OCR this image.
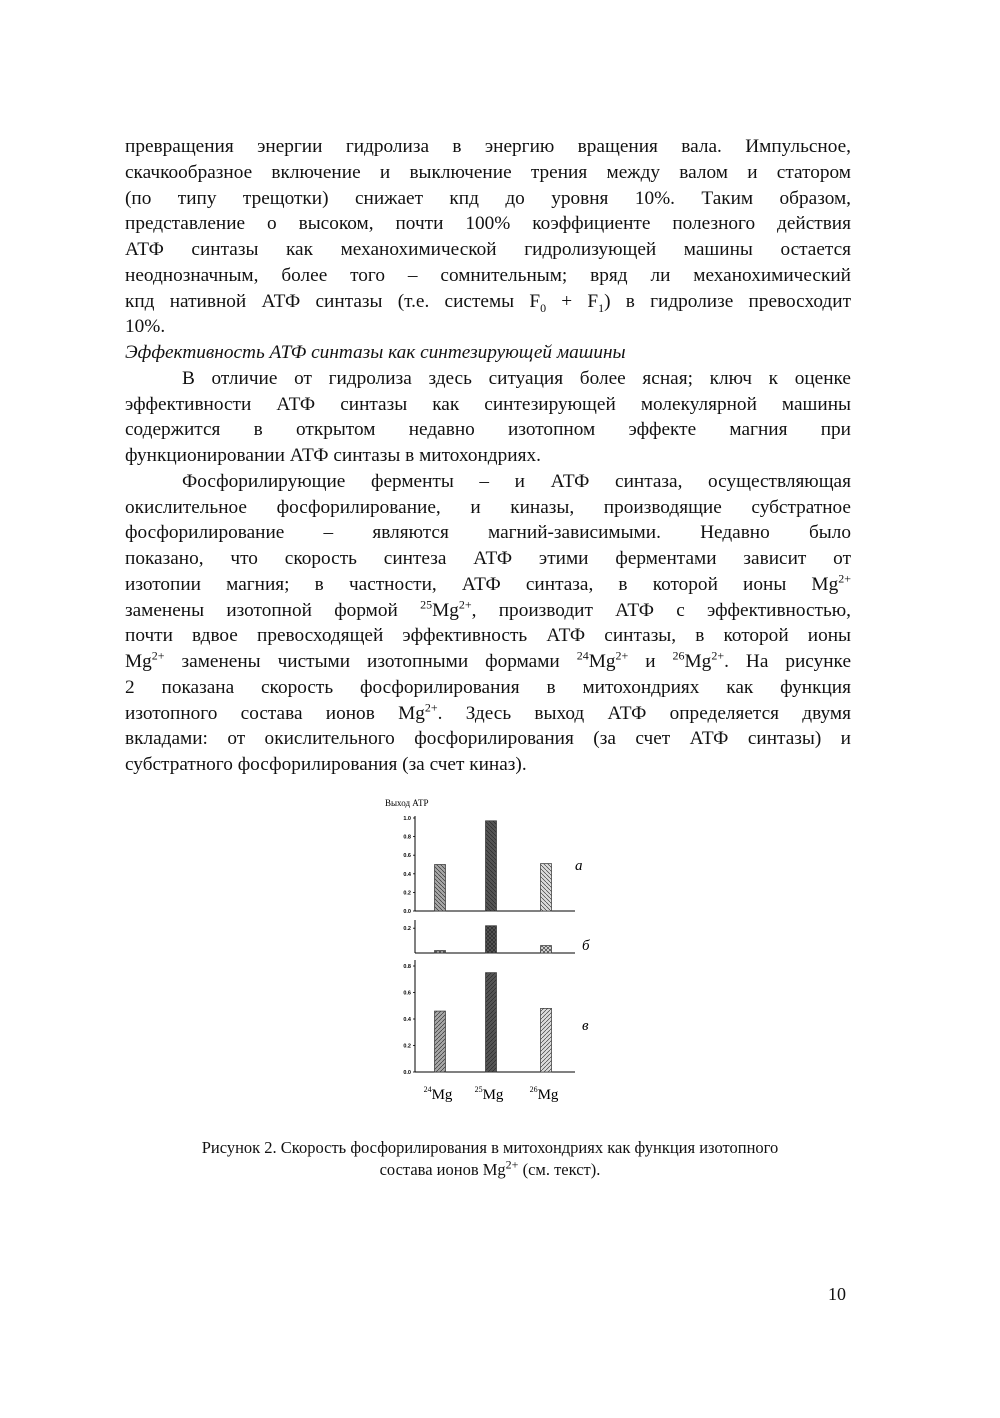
превращения энергии гидролиза в энергию вращения вала. Импульсное,
скачкообразное включение и выключение трения между валом и статором
(по типу трещотки) снижает кпд до уровня 10%. Таким образом,
представление о высоком, почти 100% коэффициенте полезного действия
АТФ синтазы как механохимической гидролизующей машины остается
неоднозначным, более того – сомнительным; вряд ли механохимический
кпд нативной АТФ синтазы (т.е. системы $F_0 + F_1$) в гидролизе превосходит
10%.
Эффективность АТФ синтазы как синтезирующей машины
В отличие от гидролиза здесь ситуация более ясная; ключ к оценке
эффективности АТФ синтазы как синтезирующей молекулярной машины
содержится в открытом недавно изотопном эффекте магния при
функционировании АТФ синтазы в митохондриях.
Фосфорилирующие ферменты – и АТФ синтаза, осуществляющая
окислительное фосфорилирование, и киназы, производящие субстратное
фосфорилирование – являются магний-зависимыми. Недавно было
показано, что скорость синтеза АТФ этими ферментами зависит от
изотопии магния; в частности, АТФ синтаза, в которой ионы $Mg^{2+}$
заменены изотопной формой $^{25}Mg^{2+}$, производит АТФ с эффективностью,
почти вдвое превосходящей эффективность АТФ синтазы, в которой ионы
$Mg^{2+}$ заменены чистыми изотопными формами $^{24}Mg^{2+}$ и $^{26}Mg^{2+}$. На рисунке
2 показана скорость фосфорилирования в митохондриях как функция
изотопного состава ионов $Mg^{2+}$. Здесь выход АТФ определяется двумя
вкладами: от окислительного фосфорилирования (за счет АТФ синтазы) и
субстратного фосфорилирования (за счет киназ).
Выход АТР
0.0
0.2
0.4
0.6
0.8
1.0
а
0.2
б
0.0
0.2
0.4
0.6
0.8
в
$^{24}$Mg	$^{25}$Mg	$^{26}$Mg
Рисунок 2. Скорость фосфорилирования в митохондриях как функция изотопного
состава ионов $Mg^{2+}$ (см. текст).
10
